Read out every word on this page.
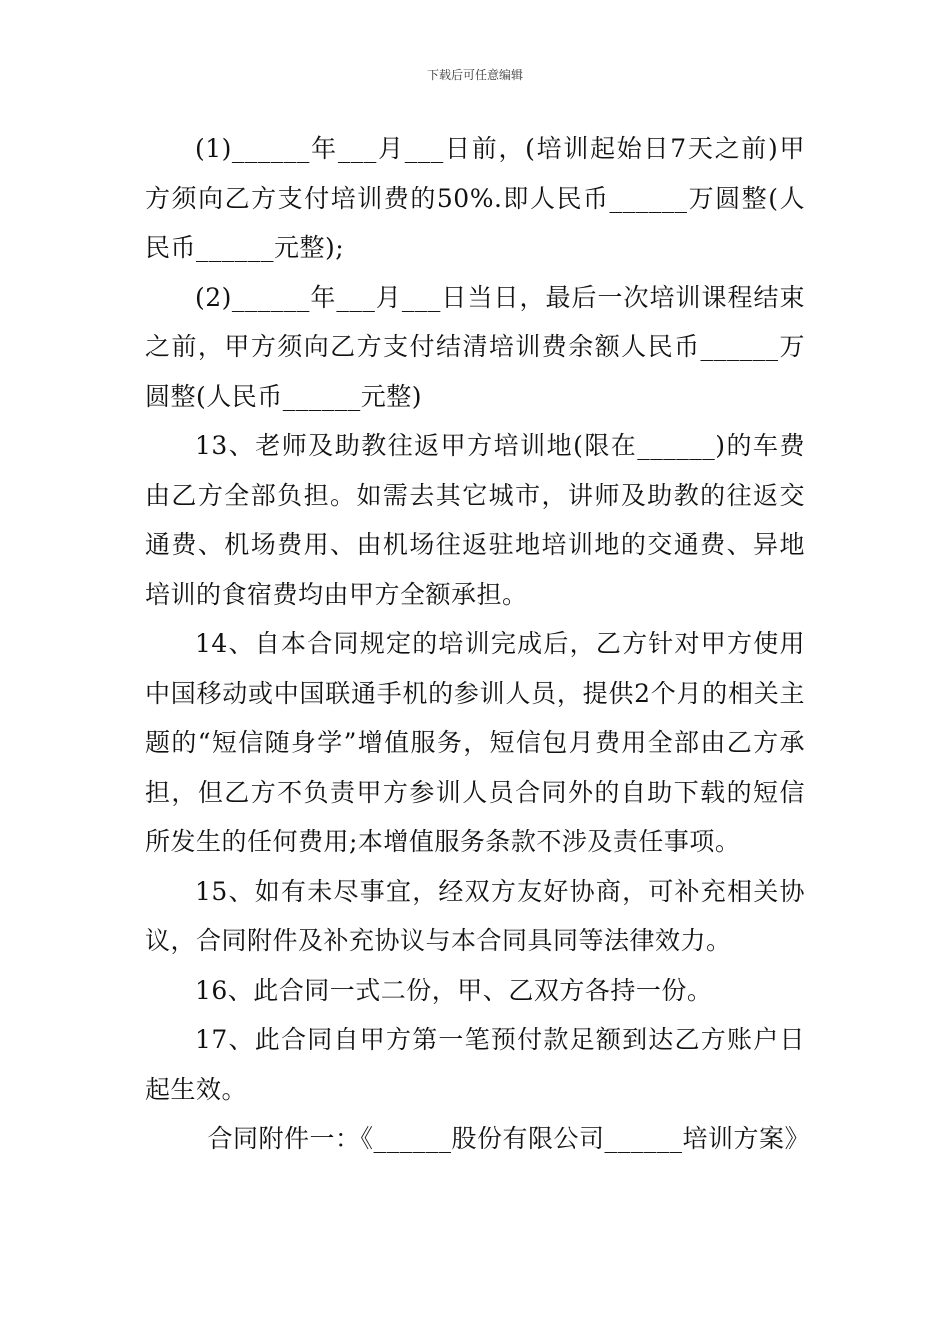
下载后可任意编辑

(1)______年___月___日前，(培训起始日7天之前)甲方须向乙方支付培训费的50%.即人民币______万圆整(人民币______元整);

(2)______年___月___日当日，最后一次培训课程结束之前，甲方须向乙方支付结清培训费余额人民币______万圆整(人民币______元整)

13、老师及助教往返甲方培训地(限在______)的车费由乙方全部负担。如需去其它城市，讲师及助教的往返交通费、机场费用、由机场往返驻地培训地的交通费、异地培训的食宿费均由甲方全额承担。

14、自本合同规定的培训完成后，乙方针对甲方使用中国移动或中国联通手机的参训人员，提供2个月的相关主题的“短信随身学”增值服务，短信包月费用全部由乙方承担，但乙方不负责甲方参训人员合同外的自助下载的短信所发生的任何费用;本增值服务条款不涉及责任事项。

15、如有未尽事宜，经双方友好协商，可补充相关协议，合同附件及补充协议与本合同具同等法律效力。

16、此合同一式二份，甲、乙双方各持一份。

17、此合同自甲方第一笔预付款足额到达乙方账户日起生效。

合同附件一：《______股份有限公司______培训方案》
